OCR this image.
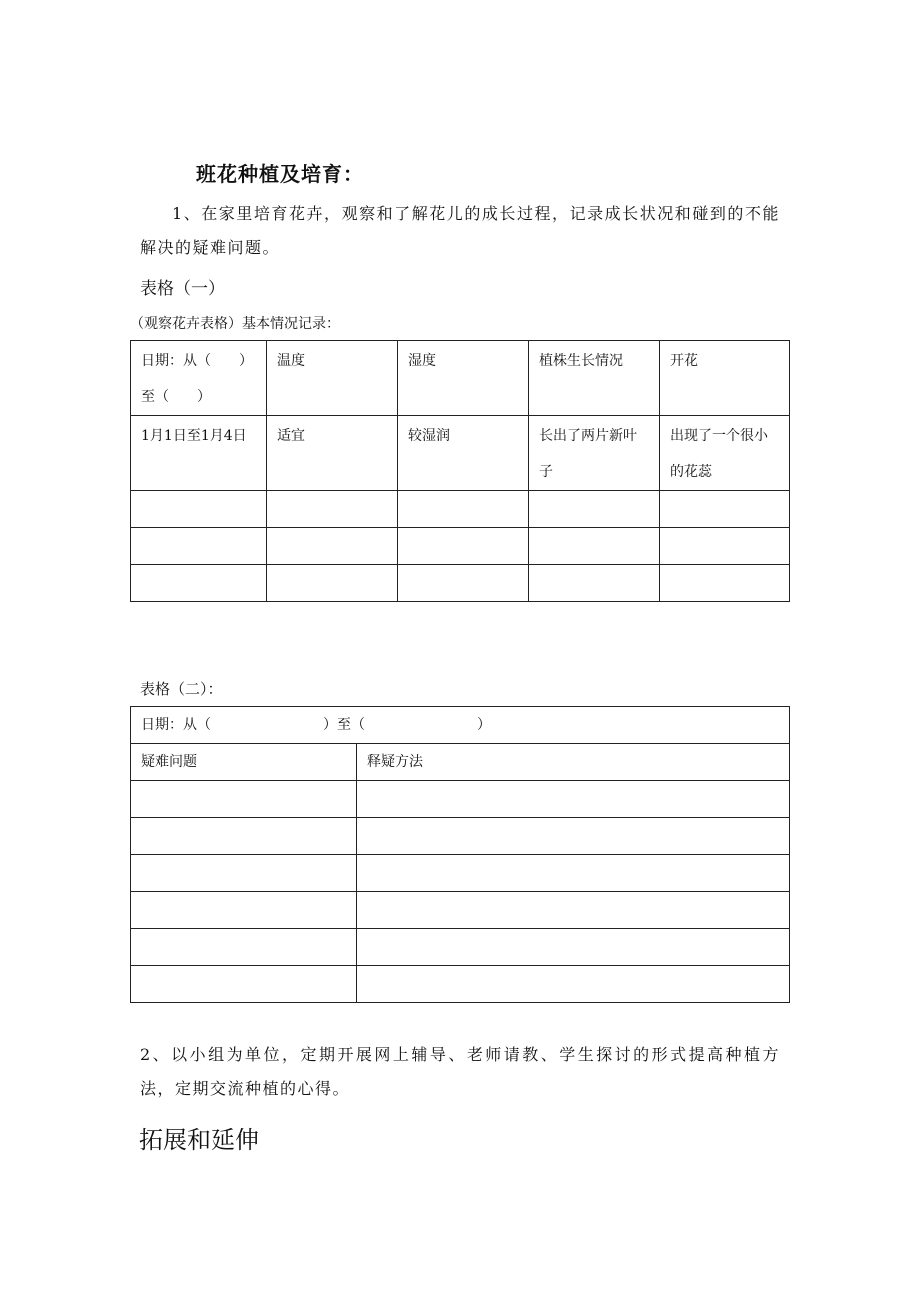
班花种植及培育：
1、在家里培育花卉，观察和了解花儿的成长过程，记录成长状况和碰到的不能解决的疑难问题。
表格（一）
（观察花卉表格）基本情况记录：
日期：从（　　）至（　　）	温度	湿度	植株生长情况	开花
1月1日至1月4日	适宜	较湿润	长出了两片新叶子	出现了一个很小的花蕊

表格（二）：
日期：从（ ）至（ ）	
疑难问题	释疑方法

2、以小组为单位，定期开展网上辅导、老师请教、学生探讨的形式提高种植方法，定期交流种植的心得。
拓展和延伸
